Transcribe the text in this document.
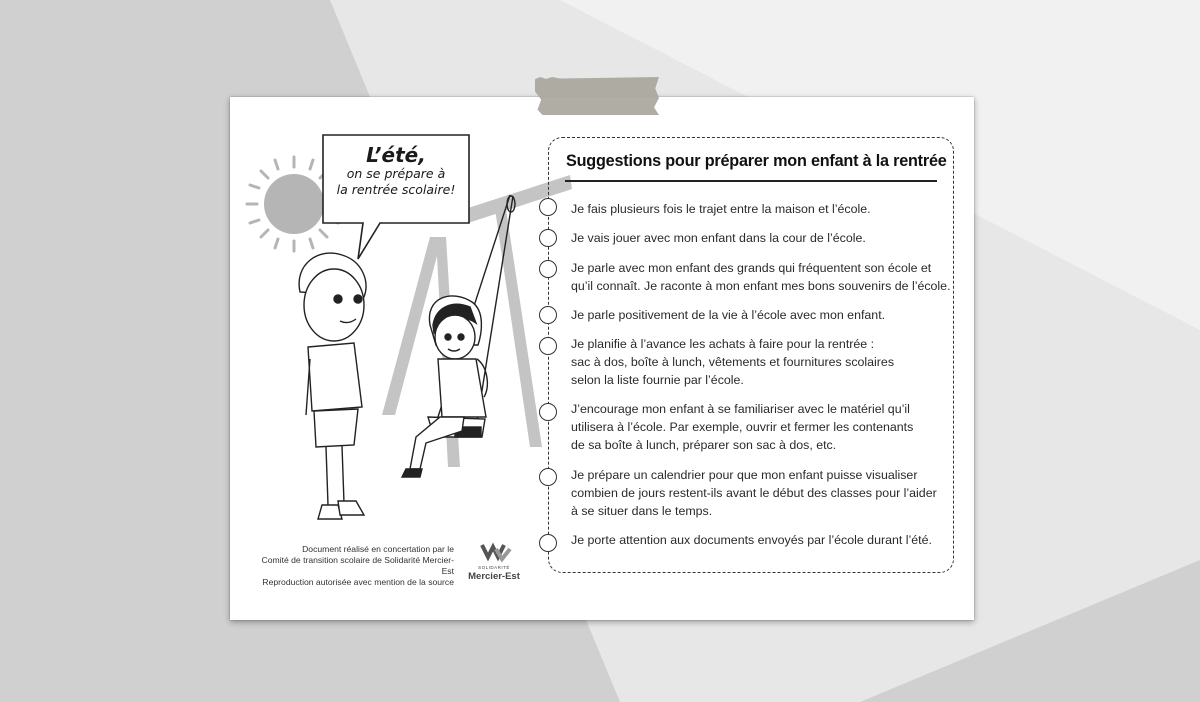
L’été,
on se prépare à
la rentrée scolaire!
Document réalisé en concertation par le
Comité de transition scolaire de Solidarité Mercier-Est
Reproduction autorisée avec mention de la source
SOLIDARITÉ
Mercier-Est
Suggestions pour préparer mon enfant à la rentrée
Je fais plusieurs fois le trajet entre la maison et l’école.
Je vais jouer avec mon enfant dans la cour de l’école.
Je parle avec mon enfant des grands qui fréquentent son école et
qu’il connaît. Je raconte à mon enfant mes bons souvenirs de l’école.
Je parle positivement de la vie à l’école avec mon enfant.
Je planifie à l’avance les achats à faire pour la rentrée :
sac à dos, boîte à lunch, vêtements et fournitures scolaires
selon la liste fournie par l’école.
J’encourage mon enfant à se familiariser avec le matériel qu’il
utilisera à l’école. Par exemple, ouvrir et fermer les contenants
de sa boîte à lunch, préparer son sac à dos, etc.
Je prépare un calendrier pour que mon enfant puisse visualiser
combien de jours restent-ils avant le début des classes pour l’aider
à se situer dans le temps.
Je porte attention aux documents envoyés par l’école durant l’été.
